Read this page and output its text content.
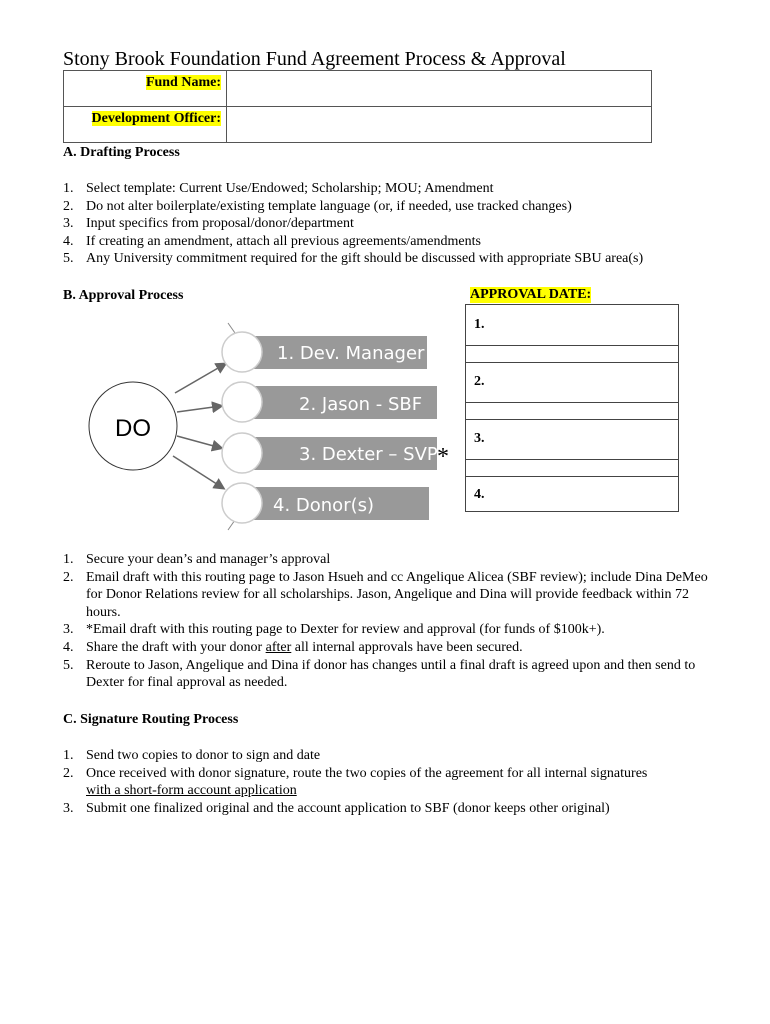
Stony Brook Foundation Fund Agreement Process & Approval
Fund Name:	
Development Officer:	
A. Drafting Process
1. Select template: Current Use/Endowed; Scholarship; MOU; Amendment
2. Do not alter boilerplate/existing template language (or, if needed, use tracked changes)
3. Input specifics from proposal/donor/department
4. If creating an amendment, attach all previous agreements/amendments
5. Any University commitment required for the gift should be discussed with appropriate SBU area(s)
B. Approval Process	APPROVAL DATE:
1.
2.
3.
4.
DO
1. Dev. Manager
2. Jason - SBF
3. Dexter – SVP
4. Donor(s)
*
1. Secure your dean’s and manager’s approval
2. Email draft with this routing page to Jason Hsueh and cc Angelique Alicea (SBF review); include Dina DeMeo for Donor Relations review for all scholarships. Jason, Angelique and Dina will provide feedback within 72 hours.
3. *Email draft with this routing page to Dexter for review and approval (for funds of $100k+).
4. Share the draft with your donor after all internal approvals have been secured.
5. Reroute to Jason, Angelique and Dina if donor has changes until a final draft is agreed upon and then send to Dexter for final approval as needed.
C. Signature Routing Process
1. Send two copies to donor to sign and date
2. Once received with donor signature, route the two copies of the agreement for all internal signatures
with a short-form account application
3. Submit one finalized original and the account application to SBF (donor keeps other original)
